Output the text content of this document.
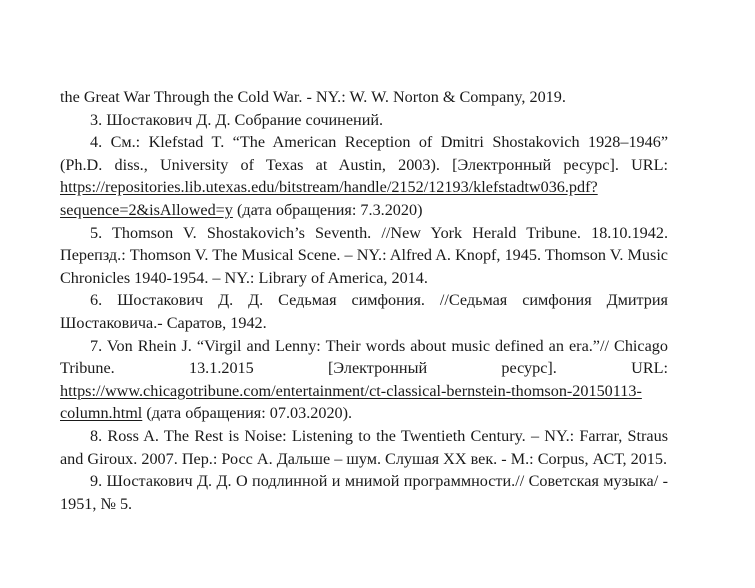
the Great War Through the Cold War. - NY.: W. W. Norton & Company, 2019.

3. Шостакович Д. Д. Собрание сочинений.

4. См.: Klefstad T. “The American Reception of Dmitri Shostakovich 1928–1946” (Ph.D. diss., University of Texas at Austin, 2003). [Электронный ресурс]. URL: https://repositories.lib.utexas.edu/bitstream/handle/2152/12193/klefstadtw036.pdf?sequence=2&isAllowed=y (дата обращения: 7.3.2020)

5. Thomson V. Shostakovich’s Seventh. //New York Herald Tribune. 18.10.1942. Перепзд.: Thomson V. The Musical Scene. – NY.: Alfred A. Knopf, 1945. Thomson V. Music Chronicles 1940-1954. – NY.: Library of America, 2014.

6. Шостакович Д. Д. Седьмая симфония. //Седьмая симфония Дмитрия Шостаковича.- Саратов, 1942.

7. Von Rhein J. “Virgil and Lenny: Their words about music defined an era.”// Chicago Tribune. 13.1.2015 [Электронный ресурс]. URL: https://www.chicagotribune.com/entertainment/ct-classical-bernstein-thomson-20150113-column.html (дата обращения: 07.03.2020).

8. Ross A. The Rest is Noise: Listening to the Twentieth Century. – NY.: Farrar, Straus and Giroux. 2007. Пер.: Росс А. Дальше – шум. Слушая XX век. - М.: Corpus, АСТ, 2015.

9. Шостакович Д. Д. О подлинной и мнимой программности.// Советская музыка/ - 1951, № 5.
